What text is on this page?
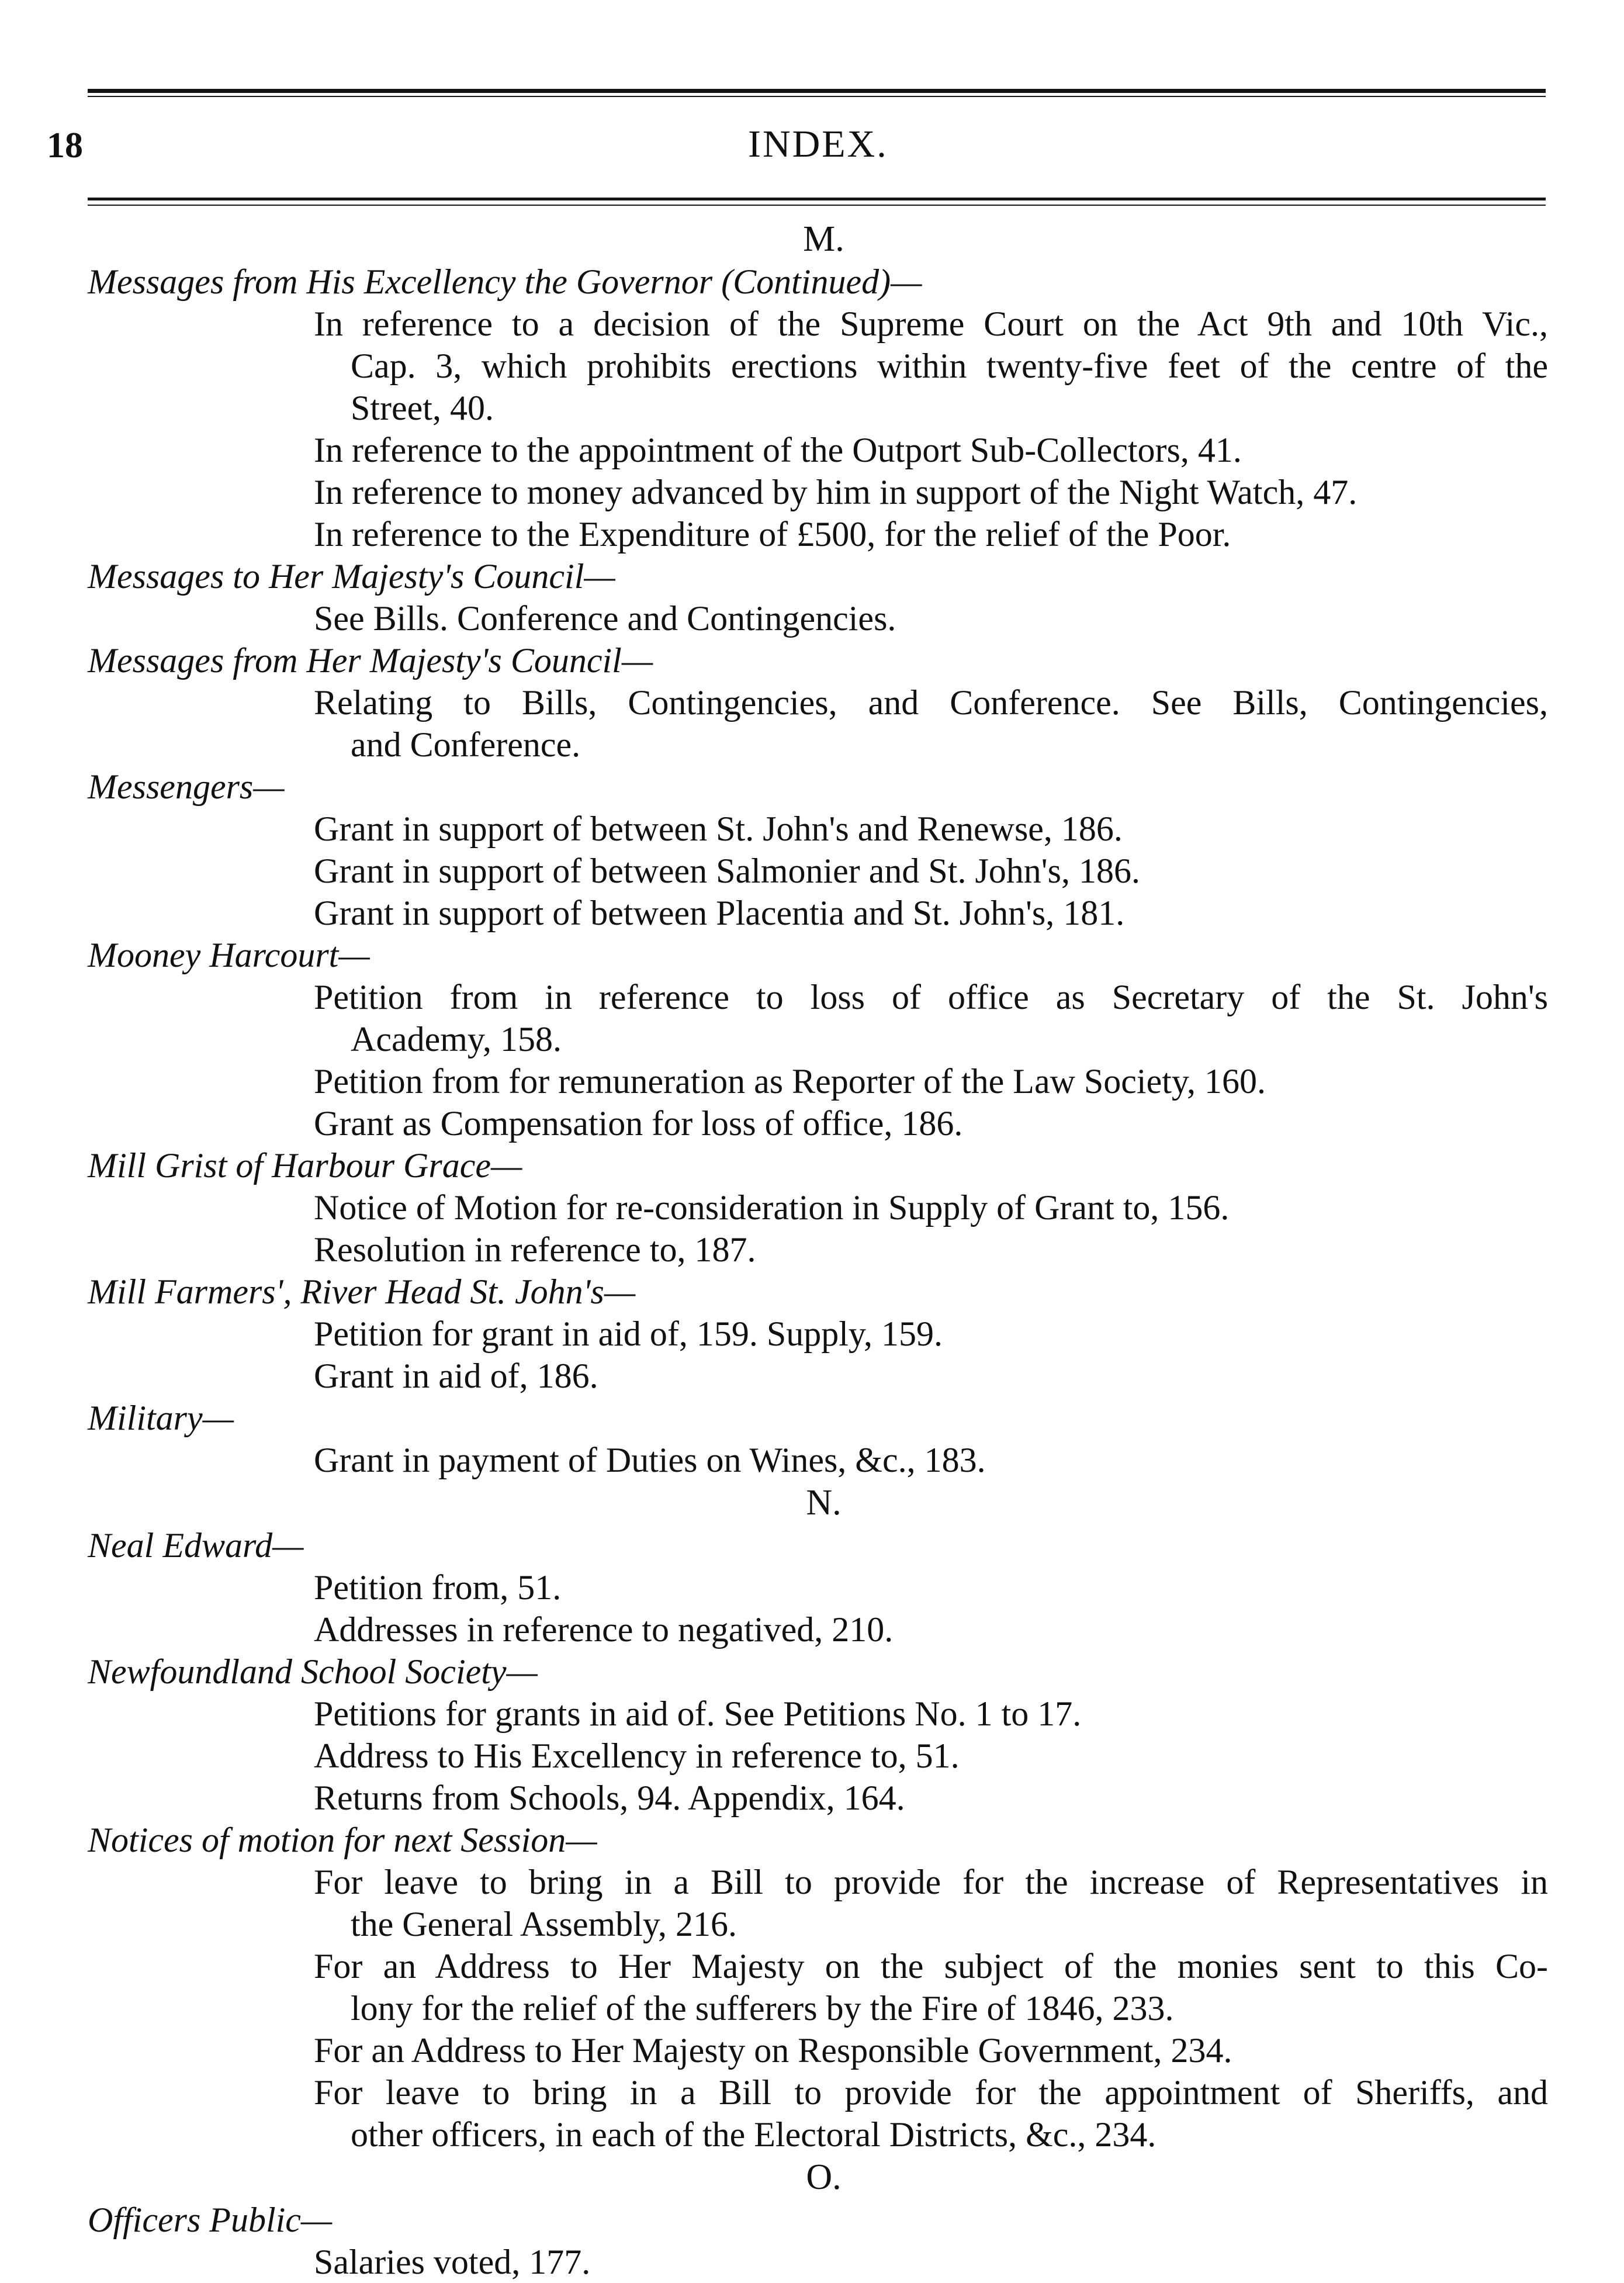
18	INDEX.

M.

Messages from His Excellency the Governor (Continued)—

In reference to a decision of the Supreme Court on the Act 9th and 10th Vic.,

Cap. 3, which prohibits erections within twenty-five feet of the centre of the

Street, 40.

In reference to the appointment of the Outport Sub-Collectors, 41.

In reference to money advanced by him in support of the Night Watch, 47.

In reference to the Expenditure of £500, for the relief of the Poor.

Messages to Her Majesty's Council—

See Bills. Conference and Contingencies.

Messages from Her Majesty's Council—

Relating to Bills, Contingencies, and Conference. See Bills, Contingencies,

and Conference.

Messengers—

Grant in support of between St. John's and Renewse, 186.

Grant in support of between Salmonier and St. John's, 186.

Grant in support of between Placentia and St. John's, 181.

Mooney Harcourt—

Petition from in reference to loss of office as Secretary of the St. John's

Academy, 158.

Petition from for remuneration as Reporter of the Law Society, 160.

Grant as Compensation for loss of office, 186.

Mill Grist of Harbour Grace—

Notice of Motion for re-consideration in Supply of Grant to, 156.

Resolution in reference to, 187.

Mill Farmers', River Head St. John's—

Petition for grant in aid of, 159. Supply, 159.

Grant in aid of, 186.

Military—

Grant in payment of Duties on Wines, &c., 183.

N.

Neal Edward—

Petition from, 51.

Addresses in reference to negatived, 210.

Newfoundland School Society—

Petitions for grants in aid of. See Petitions No. 1 to 17.

Address to His Excellency in reference to, 51.

Returns from Schools, 94. Appendix, 164.

Notices of motion for next Session—

For leave to bring in a Bill to provide for the increase of Representatives in

the General Assembly, 216.

For an Address to Her Majesty on the subject of the monies sent to this Co-

lony for the relief of the sufferers by the Fire of 1846, 233.

For an Address to Her Majesty on Responsible Government, 234.

For leave to bring in a Bill to provide for the appointment of Sheriffs, and

other officers, in each of the Electoral Districts, &c., 234.

O.

Officers Public—

Salaries voted, 177.
